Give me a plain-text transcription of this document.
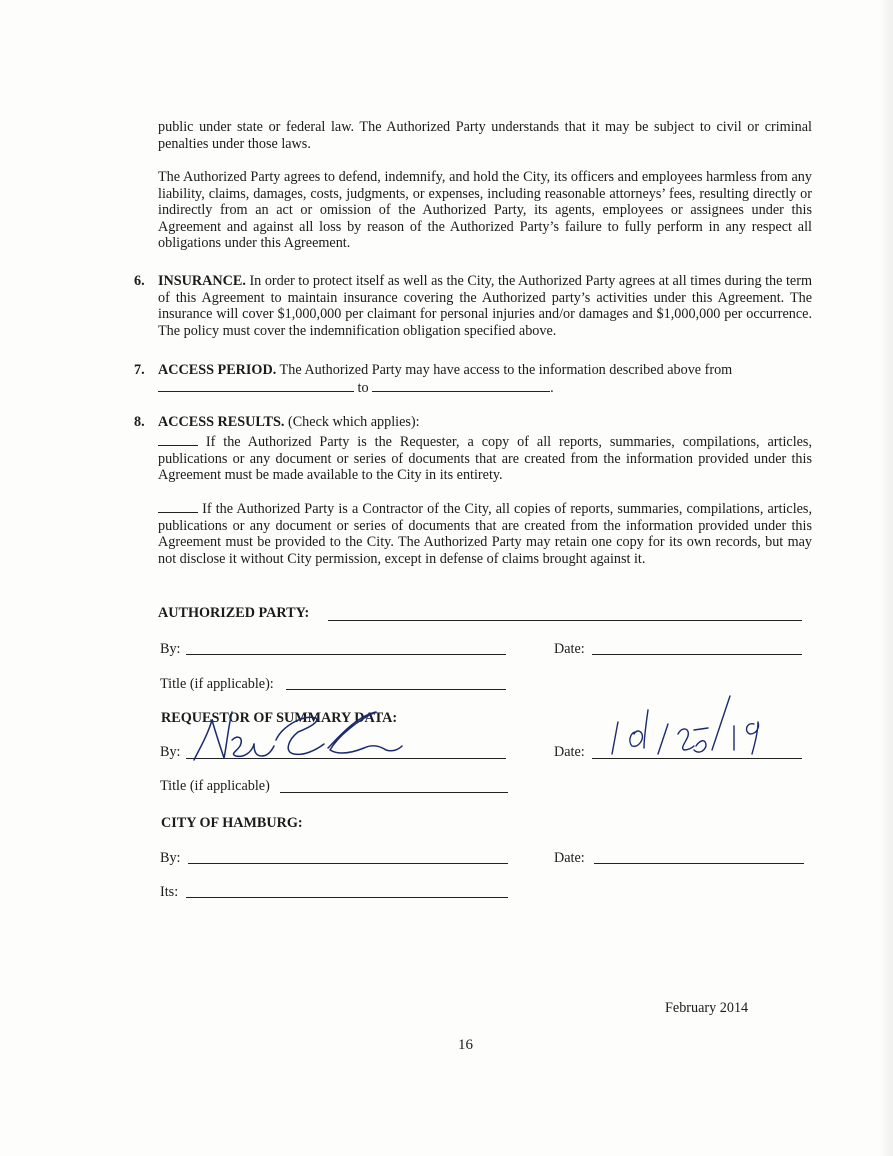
public under state or federal law. The Authorized Party understands that it may be subject to civil or criminal penalties under those laws.
The Authorized Party agrees to defend, indemnify, and hold the City, its officers and employees harmless from any liability, claims, damages, costs, judgments, or expenses, including reasonable attorneys’ fees, resulting directly or indirectly from an act or omission of the Authorized Party, its agents, employees or assignees under this Agreement and against all loss by reason of the Authorized Party’s failure to fully perform in any respect all obligations under this Agreement.
6. INSURANCE. In order to protect itself as well as the City, the Authorized Party agrees at all times during the term of this Agreement to maintain insurance covering the Authorized party’s activities under this Agreement. The insurance will cover $1,000,000 per claimant for personal injuries and/or damages and $1,000,000 per occurrence. The policy must cover the indemnification obligation specified above.
7. ACCESS PERIOD. The Authorized Party may have access to the information described above from
to	.
8. ACCESS RESULTS. (Check which applies):
If the Authorized Party is the Requester, a copy of all reports, summaries, compilations, articles, publications or any document or series of documents that are created from the information provided under this Agreement must be made available to the City in its entirety.
If the Authorized Party is a Contractor of the City, all copies of reports, summaries, compilations, articles, publications or any document or series of documents that are created from the information provided under this Agreement must be provided to the City. The Authorized Party may retain one copy for its own records, but may not disclose it without City permission, except in defense of claims brought against it.
AUTHORIZED PARTY:
By:	Date:
Title (if applicable):
REQUESTOR OF SUMMARY DATA:
By:	Date:
Title (if applicable)
CITY OF HAMBURG:
By:	Date:
Its:
February 2014
16
